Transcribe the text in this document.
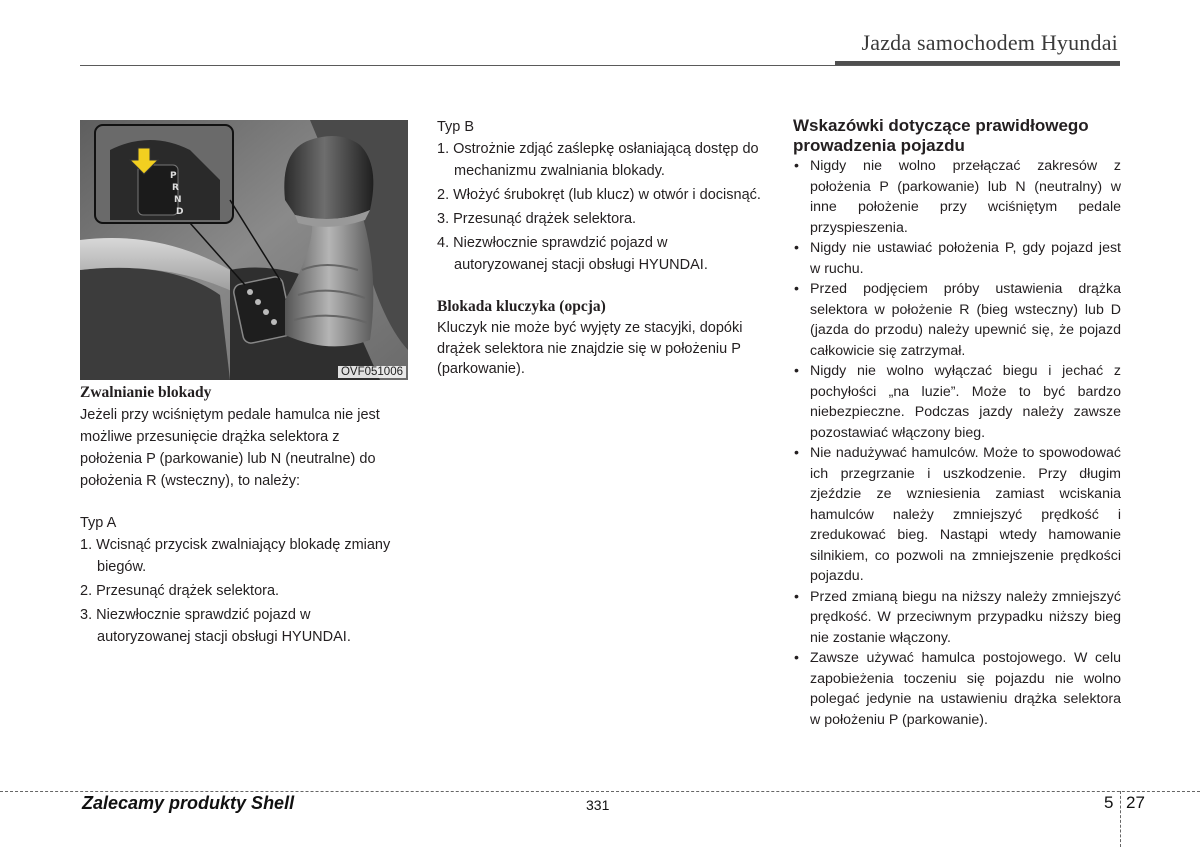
Jazda samochodem Hyundai
P
R
N
D
OVF051006

Zwalnianie blokady

Jeżeli przy wciśniętym pedale hamulca nie jest możliwe przesunięcie drążka selektora z położenia P (parkowanie) lub N (neutralne) do położenia R (wsteczny), to należy:

Typ A

1. Wcisnąć przycisk zwalniający blokadę zmiany biegów.
2. Przesunąć drążek selektora.
3. Niezwłocznie sprawdzić pojazd w autoryzowanej stacji obsługi HYUNDAI.

Typ B

1. Ostrożnie zdjąć zaślepkę osłaniającą dostęp do mechanizmu zwalniania blokady.
2. Włożyć śrubokręt (lub klucz) w otwór i docisnąć.
3. Przesunąć drążek selektora.
4. Niezwłocznie sprawdzić pojazd w autoryzowanej stacji obsługi HYUNDAI.

Blokada kluczyka (opcja)

Kluczyk nie może być wyjęty ze stacyjki, dopóki drążek selektora nie znajdzie się w położeniu P (parkowanie).

Wskazówki dotyczące prawidłowego prowadzenia pojazdu

• Nigdy nie wolno przełączać zakresów z położenia P (parkowanie) lub N (neutralny) w inne położenie przy wciśniętym pedale przyspieszenia.
• Nigdy nie ustawiać położenia P, gdy pojazd jest w ruchu.
• Przed podjęciem próby ustawienia drążka selektora w położenie R (bieg wsteczny) lub D (jazda do przodu) należy upewnić się, że pojazd całkowicie się zatrzymał.
• Nigdy nie wolno wyłączać biegu i jechać z pochyłości „na luzie”. Może to być bardzo niebezpieczne. Podczas jazdy należy zawsze pozostawiać włączony bieg.
• Nie nadużywać hamulców. Może to spowodować ich przegrzanie i uszkodzenie. Przy długim zjeździe ze wzniesienia zamiast wciskania hamulców należy zmniejszyć prędkość i zredukować bieg. Nastąpi wtedy hamowanie silnikiem, co pozwoli na zmniejszenie prędkości pojazdu.
• Przed zmianą biegu na niższy należy zmniejszyć prędkość. W przeciwnym przypadku niższy bieg nie zostanie włączony.
• Zawsze używać hamulca postojowego. W celu zapobieżenia toczeniu się pojazdu nie wolno polegać jedynie na ustawieniu drążka selektora w położeniu P (parkowanie).
Zalecamy produkty Shell	331	5 27
